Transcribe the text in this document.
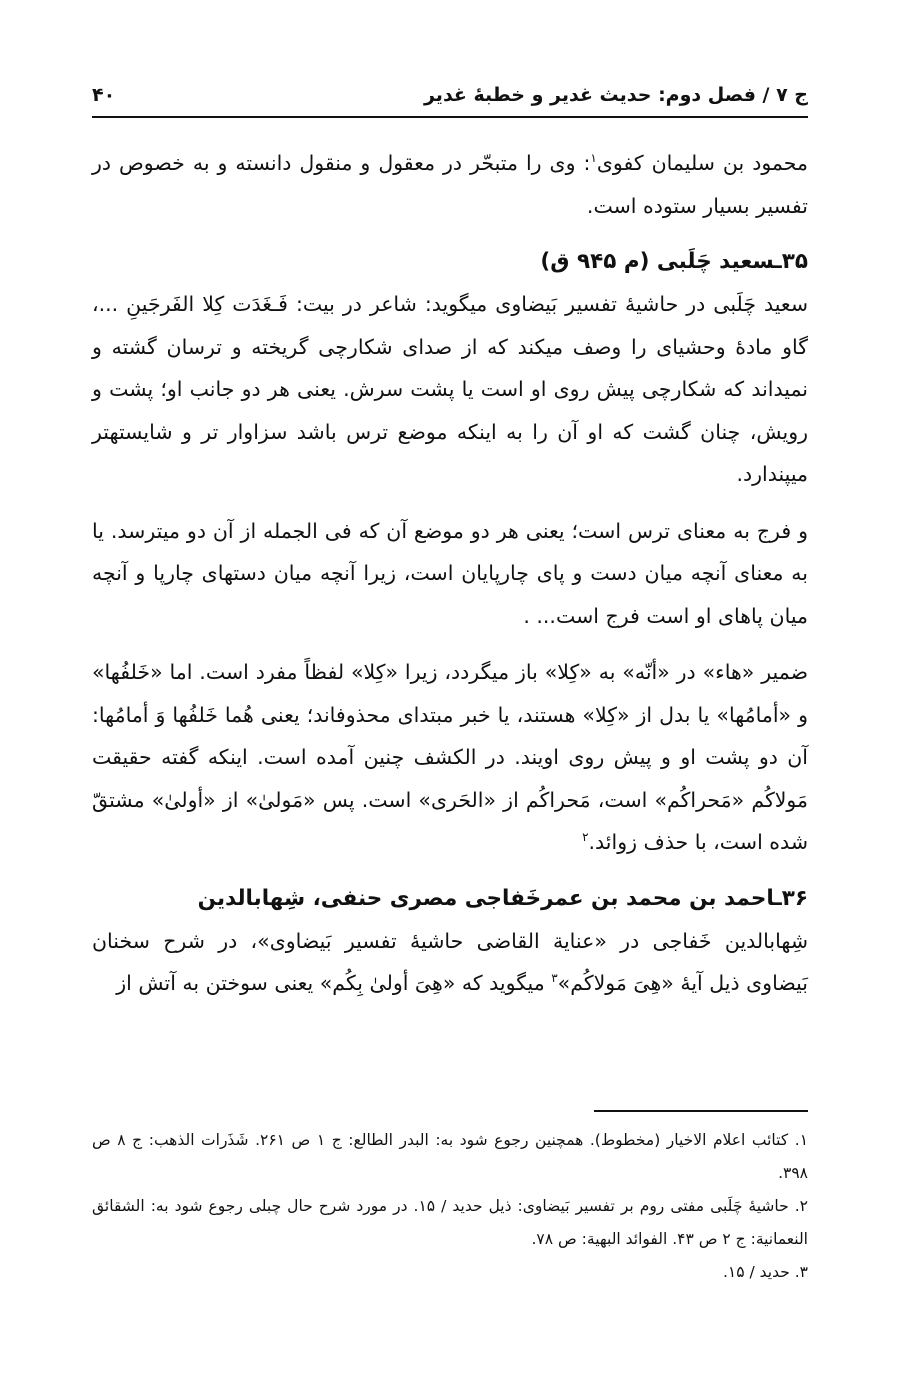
ج ۷ / فصل دوم: حدیث غدیر و خطبهٔ غدیر
۴۰

محمود بن سلیمان کفوی$^۱$: وی را متبحّر در معقول و منقول دانسته و به خصوص در تفسیر بسیار ستوده است.

۳۵ـسعید چَلَبی (م ۹۴۵ ق)

سعید چَلَبی در حاشیهٔ تفسیر بَیضاوی میگوید: شاعر در بیت: فَـغَدَت کِلا الفَرجَینِ ...، گاو مادهٔ وحشیای را وصف میکند که از صدای شکارچی گریخته و ترسان گشته و نمیداند که شکارچی پیش روی او است یا پشت سرش. یعنی هر دو جانب او؛ پشت و رویش، چنان گشت که او آن را به اینکه موضع ترس باشد سزاوار تر و شایستهتر میپندارد.

و فرج به معنای ترس است؛ یعنی هر دو موضع آن که فی الجمله از آن دو میترسد. یا به معنای آنچه میان دست و پای چارپایان است، زیرا آنچه میان دستهای چارپا و آنچه میان پاهای او است فرج است... .

ضمیر «هاء» در «أنّه» به «کِلا» باز میگردد، زیرا «کِلا» لفظاً مفرد است. اما «خَلفُها» و «أمامُها» یا بدل از «کِلا» هستند، یا خبر مبتدای محذوفاند؛ یعنی هُما خَلفُها وَ أمامُها: آن دو پشت او و پیش روی اویند. در الکشف چنین آمده است. اینکه گفته حقیقت مَولاکُم «مَحراکُم» است، مَحراکُم از «الحَری» است. پس «مَولیٰ» از «أولیٰ» مشتقّ شده است، با حذف زوائد.$^۲$

۳۶ـاحمد بن محمد بن عمرخَفاجی مصری حنفی، شِهابالدین

شِهابالدین خَفاجی در «عنایة القاضی حاشیهٔ تفسیر بَیضاوی»، در شرح سخنان بَیضاوی ذیل آیهٔ «هِیَ مَولاکُم»$^۳$ میگوید که «هِیَ أولیٰ بِکُم» یعنی سوختن به آتش از

۱. کتائب اعلام الاخیار (مخطوط). همچنین رجوع شود به: البدر الطالع: ج ۱ ص ۲۶۱. شَذَرات الذهب: ج ۸ ص ۳۹۸.

۲. حاشیهٔ چَلَبی مفتی روم بر تفسیر بَیضاوی: ذیل حدید / ۱۵. در مورد شرح حال چبلی رجوع شود به: الشقائق النعمانیة: ج ۲ ص ۴۳. الفوائد البهیة: ص ۷۸.

۳. حدید / ۱۵.
